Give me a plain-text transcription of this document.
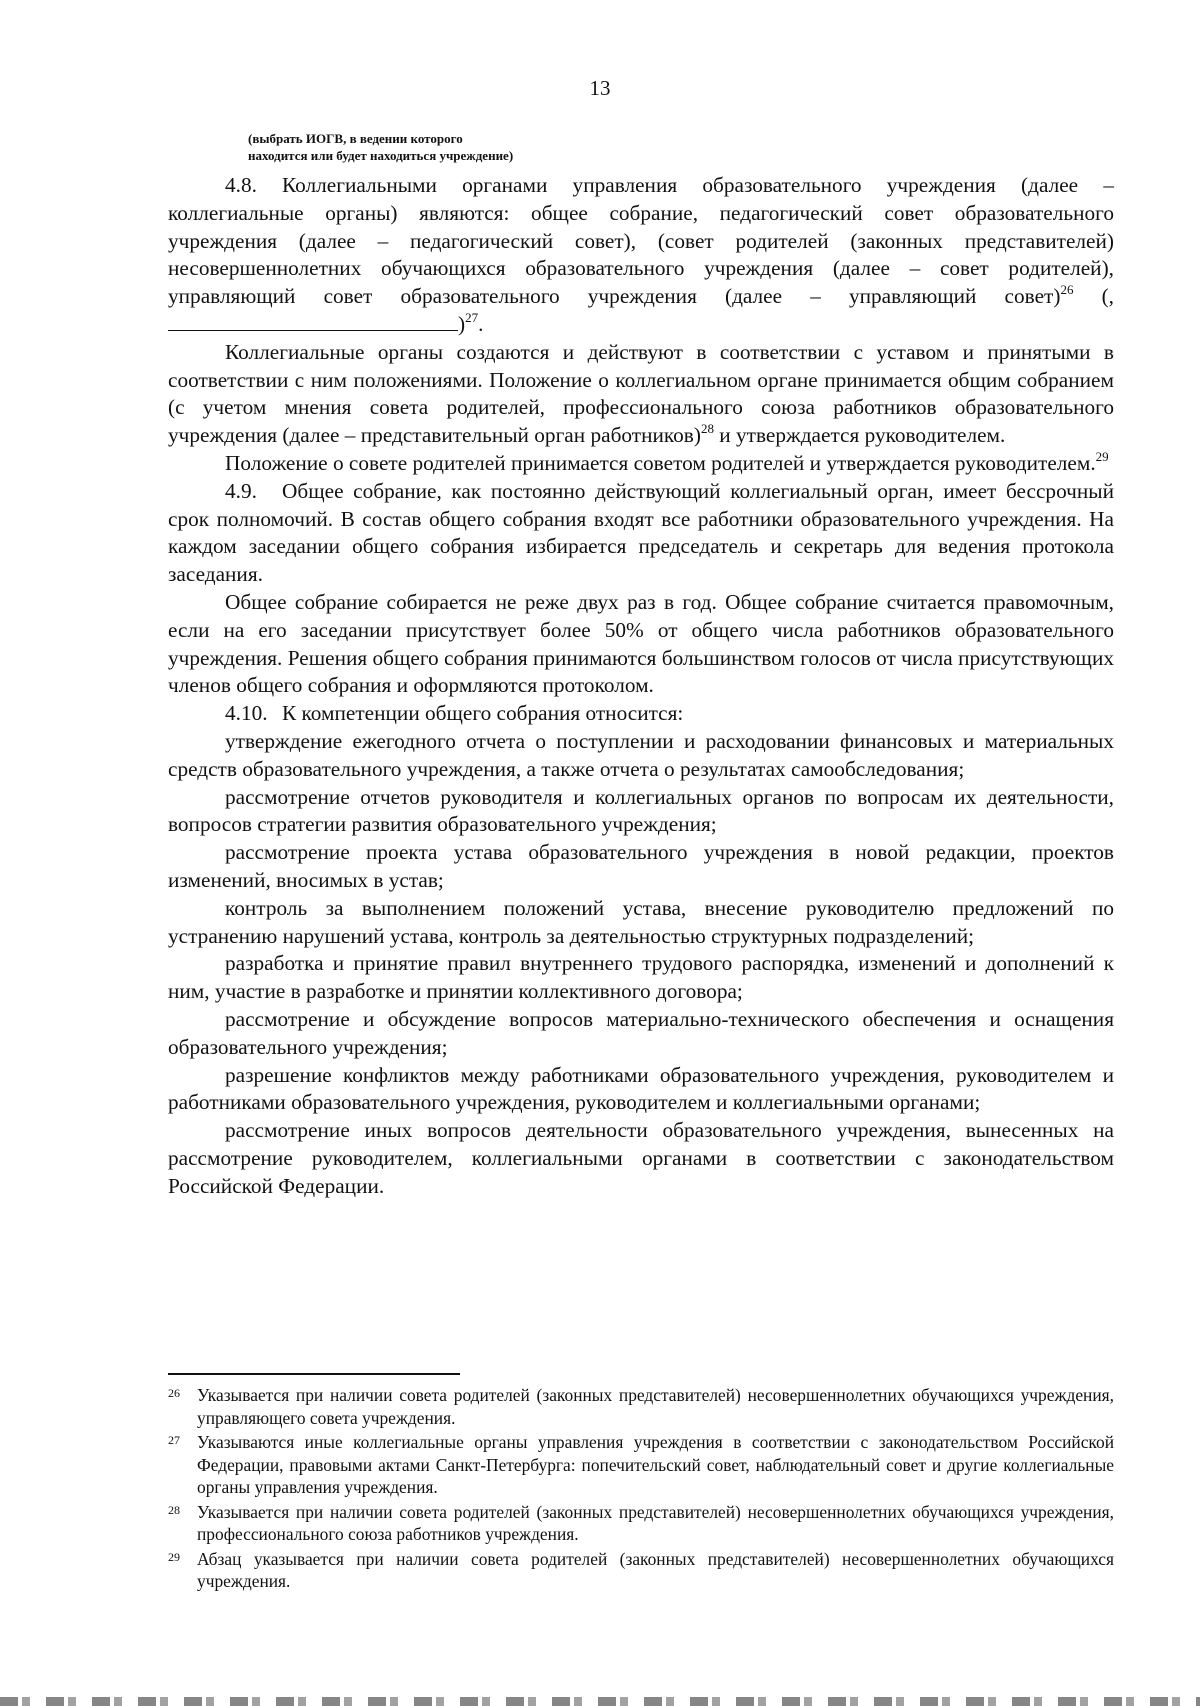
13
(выбрать ИОГВ, в ведении которого
находится или будет находиться учреждение)

4.8. Коллегиальными органами управления образовательного учреждения (далее – коллегиальные органы) являются: общее собрание, педагогический совет образовательного учреждения (далее – педагогический совет), (совет родителей (законных представителей) несовершеннолетних обучающихся образовательного учреждения (далее – совет родителей), управляющий совет образовательного учреждения (далее – управляющий совет)$^{26}$ (,)$^{27}$.

Коллегиальные органы создаются и действуют в соответствии с уставом и принятыми в соответствии с ним положениями. Положение о коллегиальном органе принимается общим собранием (с учетом мнения совета родителей, профессионального союза работников образовательного учреждения (далее – представительный орган работников)$^{28}$ и утверждается руководителем.

Положение о совете родителей принимается советом родителей и утверждается руководителем.$^{29}$

4.9. Общее собрание, как постоянно действующий коллегиальный орган, имеет бессрочный срок полномочий. В состав общего собрания входят все работники образовательного учреждения. На каждом заседании общего собрания избирается председатель и секретарь для ведения протокола заседания.

Общее собрание собирается не реже двух раз в год. Общее собрание считается правомочным, если на его заседании присутствует более 50% от общего числа работников образовательного учреждения. Решения общего собрания принимаются большинством голосов от числа присутствующих членов общего собрания и оформляются протоколом.

4.10. К компетенции общего собрания относится:

утверждение ежегодного отчета о поступлении и расходовании финансовых и материальных средств образовательного учреждения, а также отчета о результатах самообследования;

рассмотрение отчетов руководителя и коллегиальных органов по вопросам их деятельности, вопросов стратегии развития образовательного учреждения;

рассмотрение проекта устава образовательного учреждения в новой редакции, проектов изменений, вносимых в устав;

контроль за выполнением положений устава, внесение руководителю предложений по устранению нарушений устава, контроль за деятельностью структурных подразделений;

разработка и принятие правил внутреннего трудового распорядка, изменений и дополнений к ним, участие в разработке и принятии коллективного договора;

рассмотрение и обсуждение вопросов материально-технического обеспечения и оснащения образовательного учреждения;

разрешение конфликтов между работниками образовательного учреждения, руководителем и работниками образовательного учреждения, руководителем и коллегиальными органами;

рассмотрение иных вопросов деятельности образовательного учреждения, вынесенных на рассмотрение руководителем, коллегиальными органами в соответствии с законодательством Российской Федерации.

26 Указывается при наличии совета родителей (законных представителей) несовершеннолетних обучающихся учреждения, управляющего совета учреждения.
27 Указываются иные коллегиальные органы управления учреждения в соответствии с законодательством Российской Федерации, правовыми актами Санкт-Петербурга: попечительский совет, наблюдательный совет и другие коллегиальные органы управления учреждения.
28 Указывается при наличии совета родителей (законных представителей) несовершеннолетних обучающихся учреждения, профессионального союза работников учреждения.
29 Абзац указывается при наличии совета родителей (законных представителей) несовершеннолетних обучающихся учреждения.
